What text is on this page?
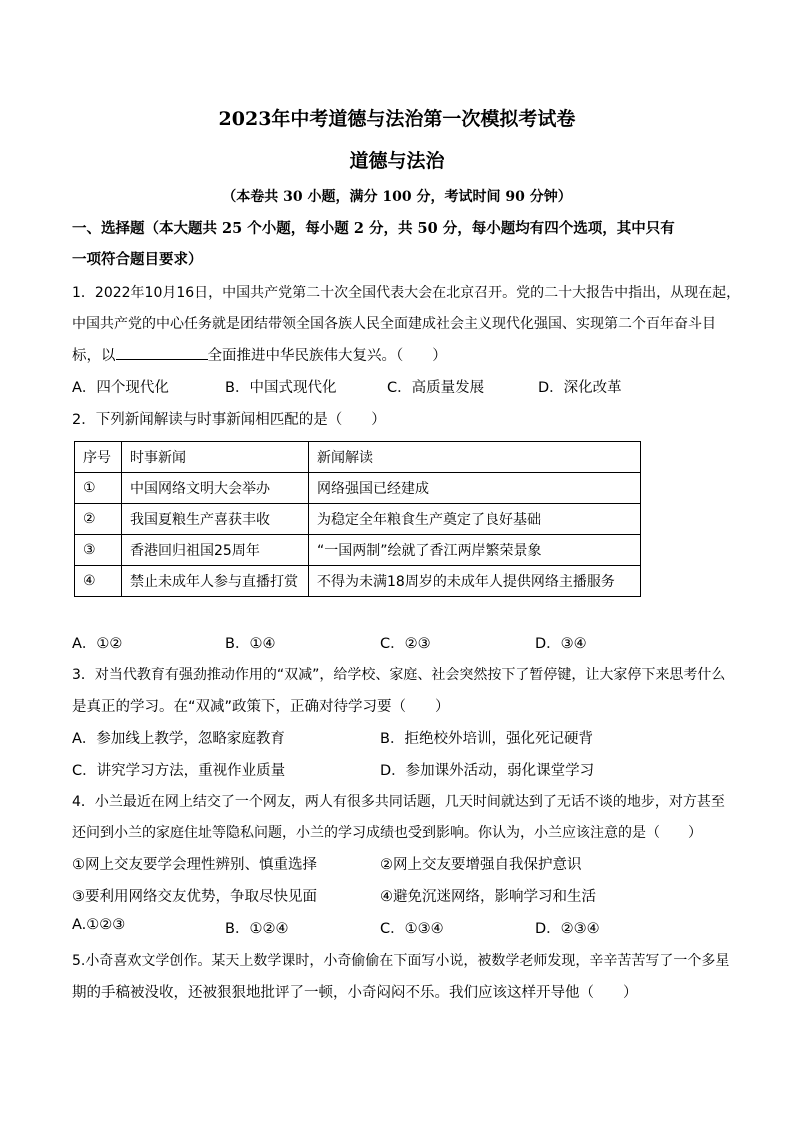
2023年中考道德与法治第一次模拟考试卷
道德与法治
（本卷共 30 小题，满分 100 分，考试时间 90 分钟）
一、选择题（本大题共 25 个小题，每小题 2 分，共 50 分，每小题均有四个选项，其中只有
一项符合题目要求）
1．2022年10月16日，中国共产党第二十次全国代表大会在北京召开。党的二十大报告中指出，从现在起，
中国共产党的中心任务就是团结带领全国各族人民全面建成社会主义现代化强国、实现第二个百年奋斗目
标，以	全面推进中华民族伟大复兴。（　　）
A．四个现代化	B．中国式现代化	C．高质量发展	D．深化改革
2．下列新闻解读与时事新闻相匹配的是（　　）
序号	时事新闻	新闻解读
①	中国网络文明大会举办	网络强国已经建成
②	我国夏粮生产喜获丰收	为稳定全年粮食生产奠定了良好基础
③	香港回归祖国25周年	“一国两制”绘就了香江两岸繁荣景象
④	禁止未成年人参与直播打赏	不得为未满18周岁的未成年人提供网络主播服务
A．①②	B．①④	C．②③	D．③④
3．对当代教育有强劲推动作用的“双减”，给学校、家庭、社会突然按下了暂停键，让大家停下来思考什么
是真正的学习。在“双减”政策下，正确对待学习要（　　）
A．参加线上教学，忽略家庭教育	B．拒绝校外培训，强化死记硬背
C．讲究学习方法，重视作业质量	D．参加课外活动，弱化课堂学习
4．小兰最近在网上结交了一个网友，两人有很多共同话题，几天时间就达到了无话不谈的地步，对方甚至
还问到小兰的家庭住址等隐私问题，小兰的学习成绩也受到影响。你认为，小兰应该注意的是（　　）
①网上交友要学会理性辨别、慎重选择	②网上交友要增强自我保护意识
③要利用网络交友优势，争取尽快见面	④避免沉迷网络，影响学习和生活
A.①②③	B．①②④	C．①③④	D．②③④
5.小奇喜欢文学创作。某天上数学课时，小奇偷偷在下面写小说，被数学老师发现，辛辛苦苦写了一个多星
期的手稿被没收，还被狠狠地批评了一顿，小奇闷闷不乐。我们应该这样开导他（　　）
